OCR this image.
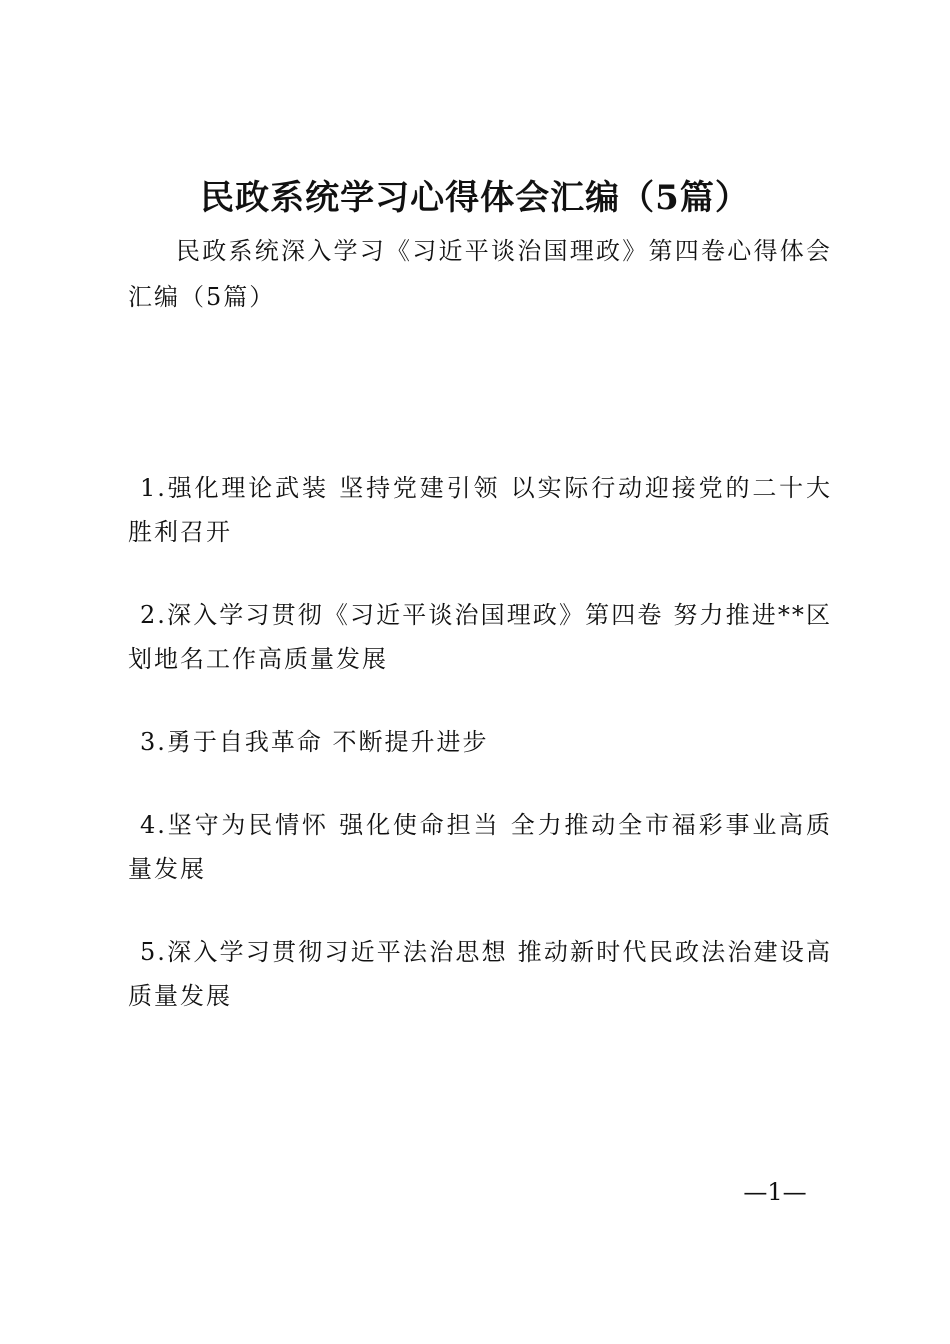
民政系统学习心得体会汇编（5篇）
民政系统深入学习《习近平谈治国理政》第四卷心得体会汇编（5篇）
1.强化理论武装 坚持党建引领 以实际行动迎接党的二十大胜利召开
2.深入学习贯彻《习近平谈治国理政》第四卷 努力推进**区划地名工作高质量发展
3.勇于自我革命 不断提升进步
4.坚守为民情怀 强化使命担当 全力推动全市福彩事业高质量发展
5.深入学习贯彻习近平法治思想 推动新时代民政法治建设高质量发展
—1—
